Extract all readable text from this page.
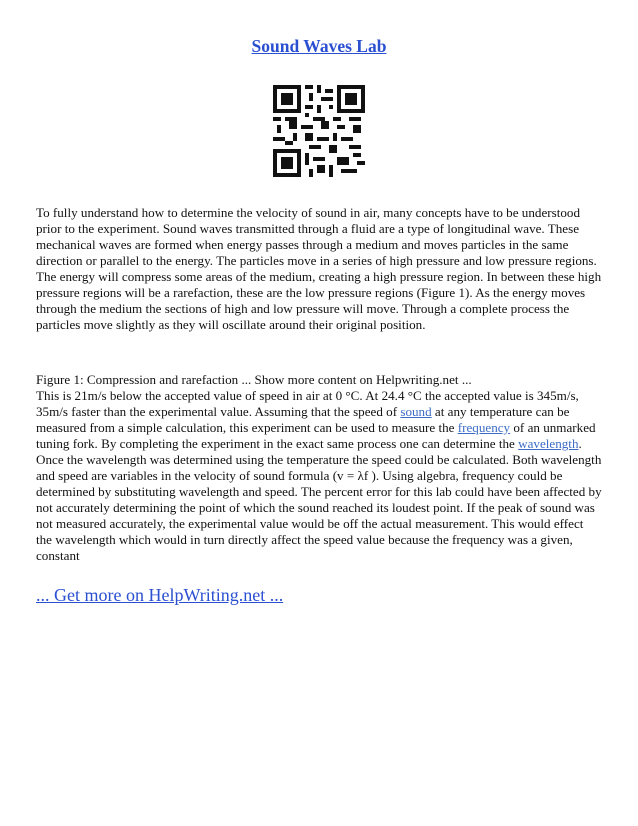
Sound Waves Lab

To fully understand how to determine the velocity of sound in air, many concepts have to be understood prior to the experiment. Sound waves transmitted through a fluid are a type of longitudinal wave. These mechanical waves are formed when energy passes through a medium and moves particles in the same direction or parallel to the energy. The particles move in a series of high pressure and low pressure regions. The energy will compress some areas of the medium, creating a high pressure region. In between these high pressure regions will be a rarefaction, these are the low pressure regions (Figure 1). As the energy moves through the medium the sections of high and low pressure will move. Through a complete process the particles move slightly as they will oscillate around their original position.

Figure 1: Compression and rarefaction ... Show more content on Helpwriting.net ...
This is 21m/s below the accepted value of speed in air at 0 °C. At 24.4 °C the accepted value is 345m/s, 35m/s faster than the experimental value. Assuming that the speed of sound at any temperature can be measured from a simple calculation, this experiment can be used to measure the frequency of an unmarked tuning fork. By completing the experiment in the exact same process one can determine the wavelength. Once the wavelength was determined using the temperature the speed could be calculated. Both wavelength and speed are variables in the velocity of sound formula (v = λf ). Using algebra, frequency could be determined by substituting wavelength and speed. The percent error for this lab could have been affected by not accurately determining the point of which the sound reached its loudest point. If the peak of sound was not measured accurately, the experimental value would be off the actual measurement. This would effect the wavelength which would in turn directly affect the speed value because the frequency was a given, constant

... Get more on HelpWriting.net ...
